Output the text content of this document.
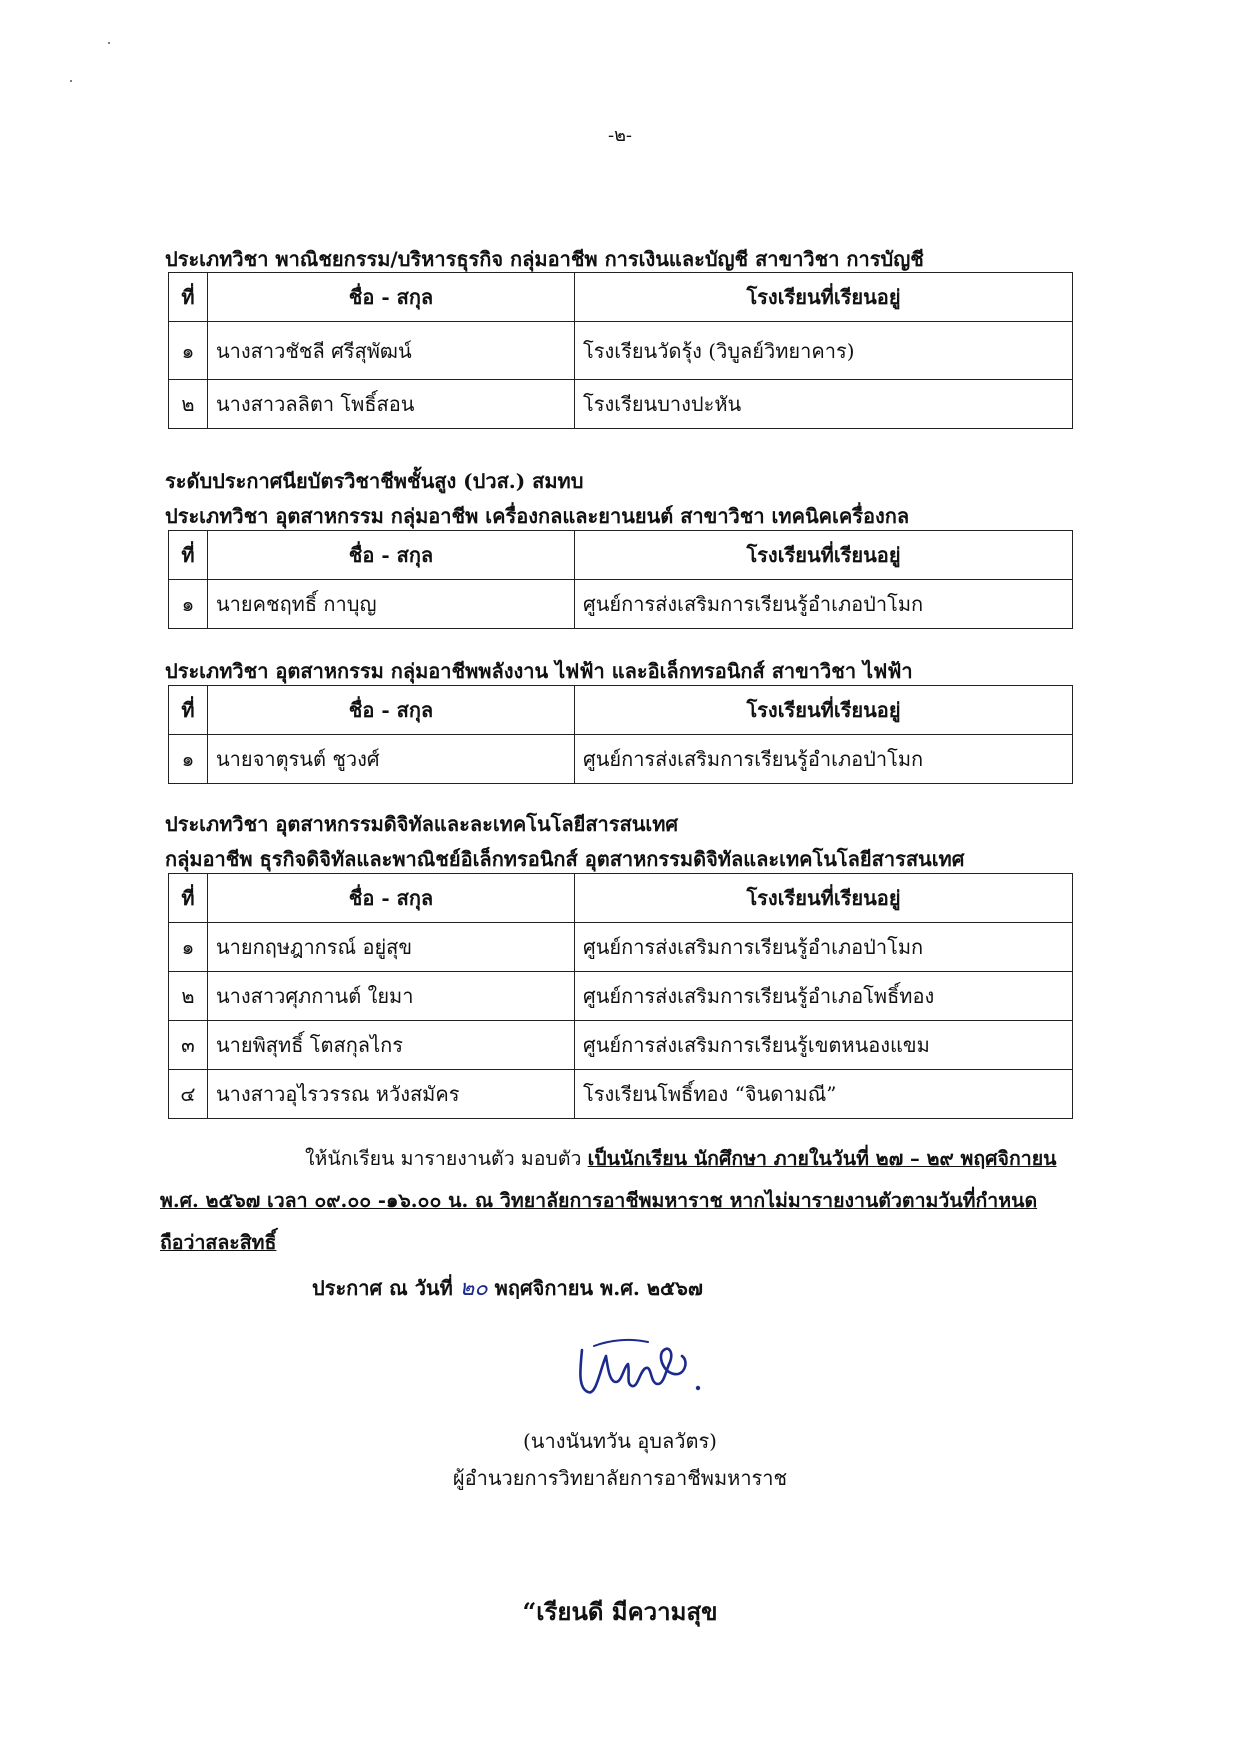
-๒-
ประเภทวิชา พาณิชยกรรม/บริหารธุรกิจ กลุ่มอาชีพ การเงินและบัญชี สาขาวิชา การบัญชี
ที่	ชื่อ - สกุล	โรงเรียนที่เรียนอยู่
๑	นางสาวชัชลี ศรีสุพัฒน์	โรงเรียนวัดรุ้ง (วิบูลย์วิทยาคาร)
๒	นางสาวลลิตา โพธิ์สอน	โรงเรียนบางปะหัน
ระดับประกาศนียบัตรวิชาชีพชั้นสูง (ปวส.) สมทบ
ประเภทวิชา อุตสาหกรรม กลุ่มอาชีพ เครื่องกลและยานยนต์ สาขาวิชา เทคนิคเครื่องกล
ที่	ชื่อ - สกุล	โรงเรียนที่เรียนอยู่
๑	นายคชฤทธิ์ กาบุญ	ศูนย์การส่งเสริมการเรียนรู้อำเภอป่าโมก
ประเภทวิชา อุตสาหกรรม กลุ่มอาชีพพลังงาน ไฟฟ้า และอิเล็กทรอนิกส์ สาขาวิชา ไฟฟ้า
ที่	ชื่อ - สกุล	โรงเรียนที่เรียนอยู่
๑	นายจาตุรนต์ ชูวงศ์	ศูนย์การส่งเสริมการเรียนรู้อำเภอป่าโมก
ประเภทวิชา อุตสาหกรรมดิจิทัลและละเทคโนโลยีสารสนเทศ
กลุ่มอาชีพ ธุรกิจดิจิทัลและพาณิชย์อิเล็กทรอนิกส์ อุตสาหกรรมดิจิทัลและเทคโนโลยีสารสนเทศ
ที่	ชื่อ - สกุล	โรงเรียนที่เรียนอยู่
๑	นายกฤษฎากรณ์ อยู่สุข	ศูนย์การส่งเสริมการเรียนรู้อำเภอป่าโมก
๒	นางสาวศุภกานต์ ใยมา	ศูนย์การส่งเสริมการเรียนรู้อำเภอโพธิ์ทอง
๓	นายพิสุทธิ์ โตสกุลไกร	ศูนย์การส่งเสริมการเรียนรู้เขตหนองแขม
๔	นางสาวอุไรวรรณ หวังสมัคร	โรงเรียนโพธิ์ทอง “จินดามณี”
ให้นักเรียน มารายงานตัว มอบตัว เป็นนักเรียน นักศึกษา ภายในวันที่ ๒๗ – ๒๙ พฤศจิกายน พ.ศ. ๒๕๖๗ เวลา ๐๙.๐๐ -๑๖.๐๐ น. ณ วิทยาลัยการอาชีพมหาราช หากไม่มารายงานตัวตามวันที่กำหนด ถือว่าสละสิทธิ์
ประกาศ ณ วันที่ ๒๐ พฤศจิกายน พ.ศ. ๒๕๖๗
(นางนันทวัน อุบลวัตร)
ผู้อำนวยการวิทยาลัยการอาชีพมหาราช
“เรียนดี มีความสุข
